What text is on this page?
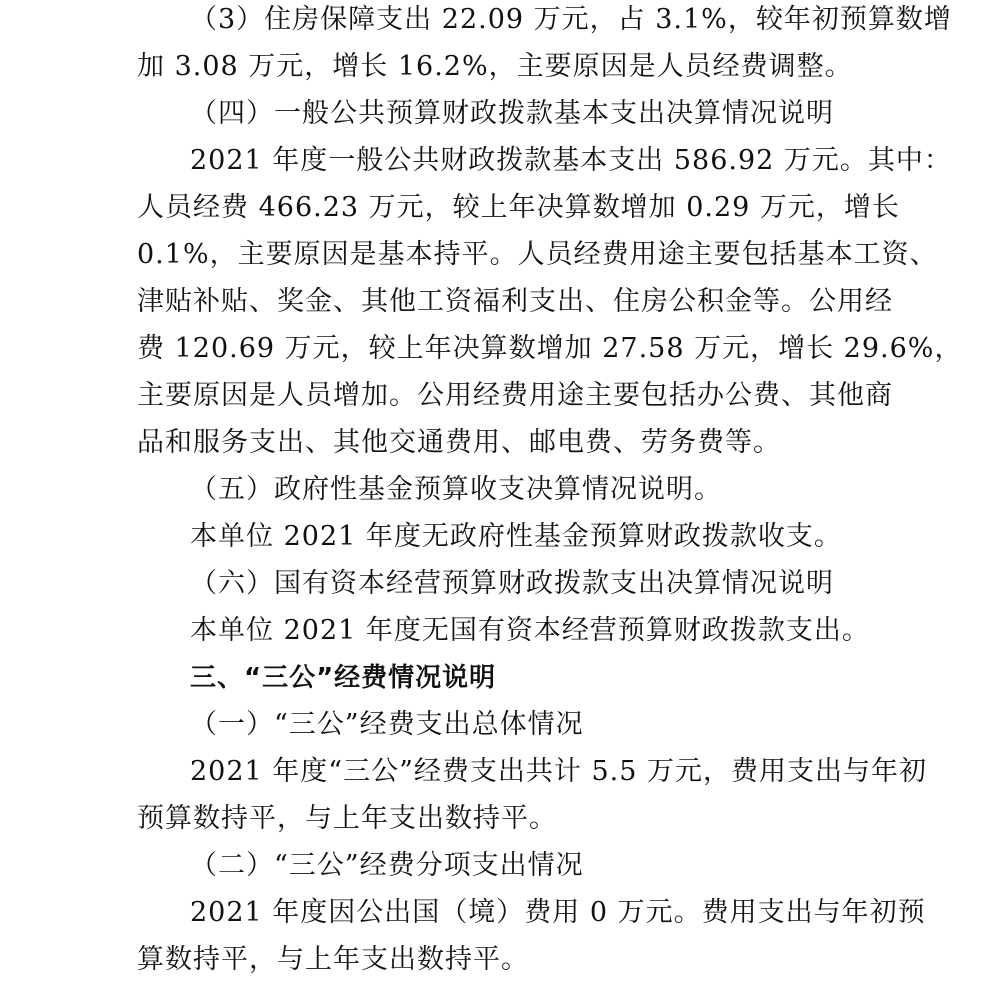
（3）住房保障支出 22.09 万元，占 3.1%，较年初预算数增
加 3.08 万元，增长 16.2%，主要原因是人员经费调整。
（四）一般公共预算财政拨款基本支出决算情况说明
2021 年度一般公共财政拨款基本支出 586.92 万元。其中：
人员经费 466.23 万元，较上年决算数增加 0.29 万元，增长
0.1%，主要原因是基本持平。人员经费用途主要包括基本工资、
津贴补贴、奖金、其他工资福利支出、住房公积金等。公用经
费 120.69 万元，较上年决算数增加 27.58 万元，增长 29.6%，
主要原因是人员增加。公用经费用途主要包括办公费、其他商
品和服务支出、其他交通费用、邮电费、劳务费等。
（五）政府性基金预算收支决算情况说明。
本单位 2021 年度无政府性基金预算财政拨款收支。
（六）国有资本经营预算财政拨款支出决算情况说明
本单位 2021 年度无国有资本经营预算财政拨款支出。
三、“三公”经费情况说明
（一）“三公”经费支出总体情况
2021 年度“三公”经费支出共计 5.5 万元，费用支出与年初
预算数持平，与上年支出数持平。
（二）“三公”经费分项支出情况
2021 年度因公出国（境）费用 0 万元。费用支出与年初预
算数持平，与上年支出数持平。
